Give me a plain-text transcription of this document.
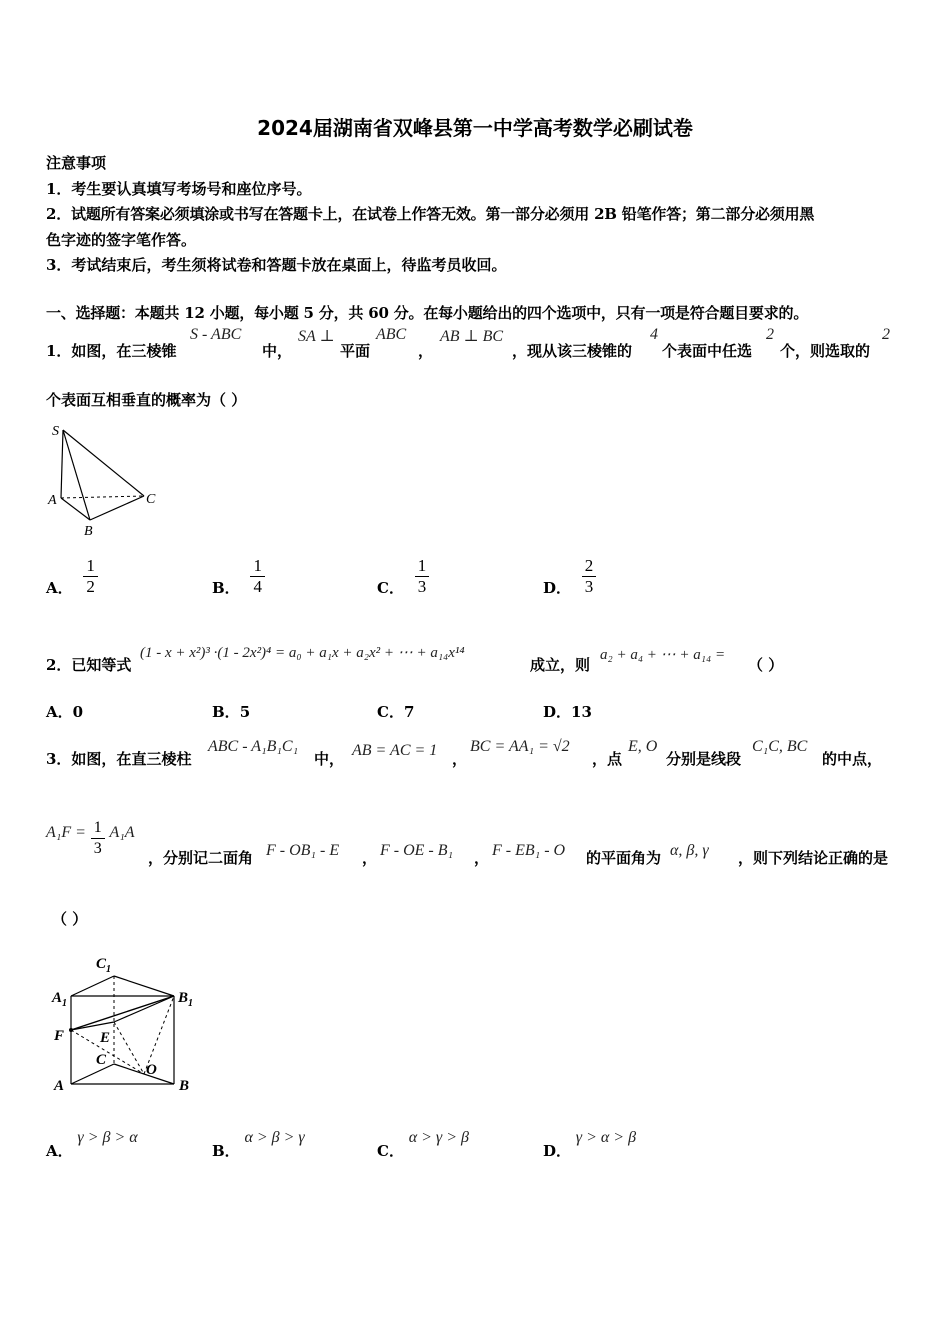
2024届湖南省双峰县第一中学高考数学必刷试卷
注意事项
1．考生要认真填写考场号和座位序号。
2．试题所有答案必须填涂或书写在答题卡上，在试卷上作答无效。第一部分必须用 2B 铅笔作答；第二部分必须用黑
色字迹的签字笔作答。
3．考试结束后，考生须将试卷和答题卡放在桌面上，待监考员收回。
一、选择题：本题共 12 小题，每小题 5 分，共 60 分。在每小题给出的四个选项中，只有一项是符合题目要求的。
1．如图，在三棱锥
S - ABC
中，
SA ⊥
平面
ABC
，
AB ⊥ BC
，现从该三棱锥的
4
个表面中任选
2
个，则选取的
2
个表面互相垂直的概率为（ ）
S
A
B
C
A． $\frac{1}{2}$	B． $\frac{1}{4}$	C． $\frac{1}{3}$	D． $\frac{2}{3}$
2．已知等式
(1 - x + x²)³ ·(1 - 2x²)⁴ = a₀ + a₁x + a₂x² + ⋯ + a₁₄x¹⁴
成立，则
a₂ + a₄ + ⋯ + a₁₄ =
（ ）
A．0	B．5	C．7	D．13
3．如图，在直三棱柱
ABC - A₁B₁C₁
中， AB = AC = 1 ，
BC = AA₁ = √2
，点
E, O
分别是线段
C₁C, BC
的中点，
$A_1F = \frac{1}{3} A_1A$
，分别记二面角 F - OB₁ - E ， F - OE - B₁ ， F - EB₁ - O 的平面角为 α, β, γ ，则下列结论正确的是
（ ）
$C_1$
$A_1$	$B_1$
F E
C
O
A	B
A． γ > β > α
B． α > β > γ
C． α > γ > β
D． γ > α > β
